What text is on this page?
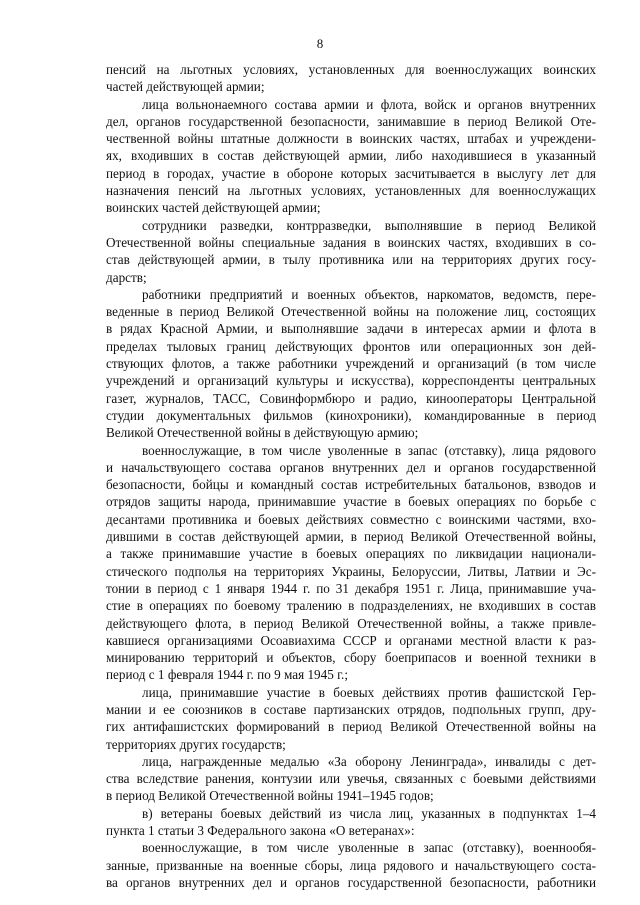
8
пенсий на льготных условиях, установленных для военнослужащих воинских
частей действующей армии;
лица вольнонаемного состава армии и флота, войск и органов внутренних
дел, органов государственной безопасности, занимавшие в период Великой Оте-
чественной войны штатные должности в воинских частях, штабах и учреждени-
ях, входивших в состав действующей армии, либо находившиеся в указанный
период в городах, участие в обороне которых засчитывается в выслугу лет для
назначения пенсий на льготных условиях, установленных для военнослужащих
воинских частей действующей армии;
сотрудники разведки, контрразведки, выполнявшие в период Великой
Отечественной войны специальные задания в воинских частях, входивших в со-
став действующей армии, в тылу противника или на территориях других госу-
дарств;
работники предприятий и военных объектов, наркоматов, ведомств, пере-
веденные в период Великой Отечественной войны на положение лиц, состоящих
в рядах Красной Армии, и выполнявшие задачи в интересах армии и флота в
пределах тыловых границ действующих фронтов или операционных зон дей-
ствующих флотов, а также работники учреждений и организаций (в том числе
учреждений и организаций культуры и искусства), корреспонденты центральных
газет, журналов, ТАСС, Совинформбюро и радио, кинооператоры Центральной
студии документальных фильмов (кинохроники), командированные в период
Великой Отечественной войны в действующую армию;
военнослужащие, в том числе уволенные в запас (отставку), лица рядового
и начальствующего состава органов внутренних дел и органов государственной
безопасности, бойцы и командный состав истребительных батальонов, взводов и
отрядов защиты народа, принимавшие участие в боевых операциях по борьбе с
десантами противника и боевых действиях совместно с воинскими частями, вхо-
дившими в состав действующей армии, в период Великой Отечественной войны,
а также принимавшие участие в боевых операциях по ликвидации национали-
стического подполья на территориях Украины, Белоруссии, Литвы, Латвии и Эс-
тонии в период с 1 января 1944 г. по 31 декабря 1951 г. Лица, принимавшие уча-
стие в операциях по боевому тралению в подразделениях, не входивших в состав
действующего флота, в период Великой Отечественной войны, а также привле-
кавшиеся организациями Осоавиахима СССР и органами местной власти к раз-
минированию территорий и объектов, сбору боеприпасов и военной техники в
период с 1 февраля 1944 г. по 9 мая 1945 г.;
лица, принимавшие участие в боевых действиях против фашистской Гер-
мании и ее союзников в составе партизанских отрядов, подпольных групп, дру-
гих антифашистских формирований в период Великой Отечественной войны на
территориях других государств;
лица, награжденные медалью «За оборону Ленинграда», инвалиды с дет-
ства вследствие ранения, контузии или увечья, связанных с боевыми действиями
в период Великой Отечественной войны 1941–1945 годов;
в) ветераны боевых действий из числа лиц, указанных в подпунктах 1–4
пункта 1 статьи 3 Федерального закона «О ветеранах»:
военнослужащие, в том числе уволенные в запас (отставку), военнообя-
занные, призванные на военные сборы, лица рядового и начальствующего соста-
ва органов внутренних дел и органов государственной безопасности, работники
